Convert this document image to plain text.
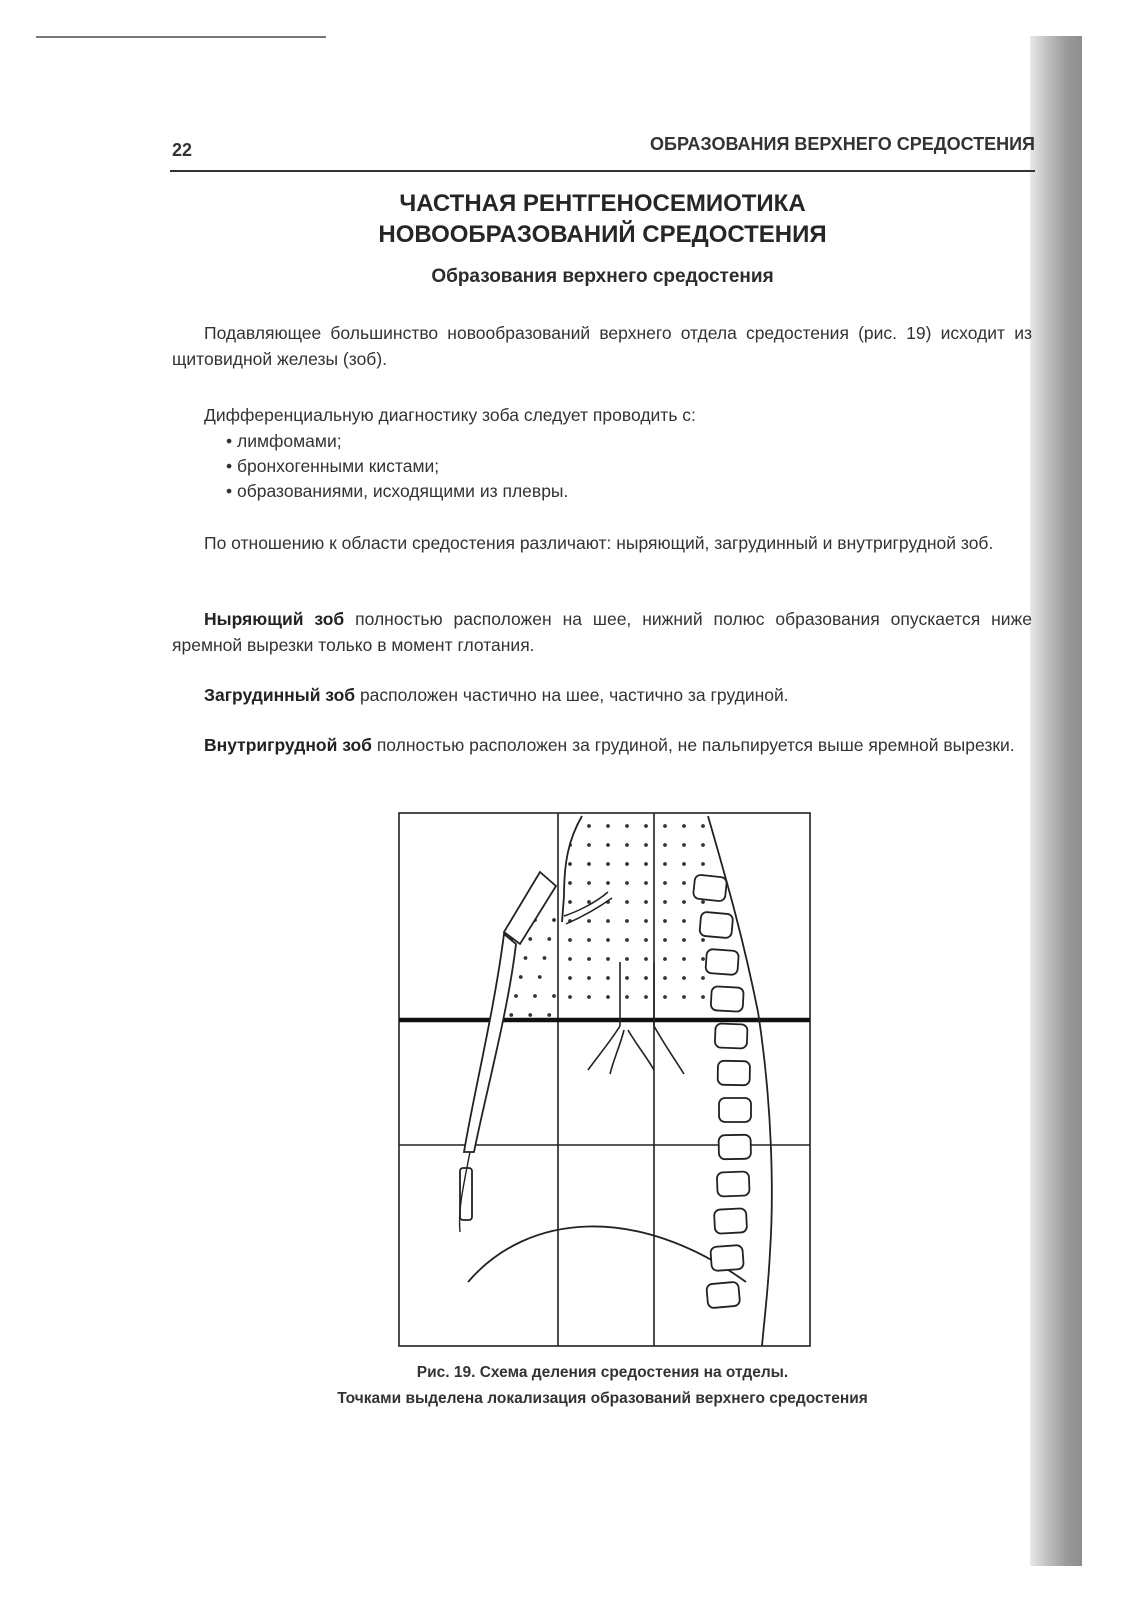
22	ОБРАЗОВАНИЯ ВЕРХНЕГО СРЕДОСТЕНИЯ
ЧАСТНАЯ РЕНТГЕНОСЕМИОТИКА
НОВООБРАЗОВАНИЙ СРЕДОСТЕНИЯ
Образования верхнего средостения

Подавляющее большинство новообразований верхнего отдела средостения (рис. 19) исходит из щитовидной железы (зоб).

Дифференциальную диагностику зоба следует проводить с:

• лимфомами;
• бронхогенными кистами;
• образованиями, исходящими из плевры.

По отношению к области средостения различают: ныряющий, загрудинный и внутригрудной зоб.

Ныряющий зоб полностью расположен на шее, нижний полюс образования опускается ниже яремной вырезки только в момент глотания.

Загрудинный зоб расположен частично на шее, частично за грудиной.

Внутригрудной зоб полностью расположен за грудиной, не пальпируется выше яремной вырезки.

Рис. 19. Схема деления средостения на отделы.
Точками выделена локализация образований верхнего средостения
